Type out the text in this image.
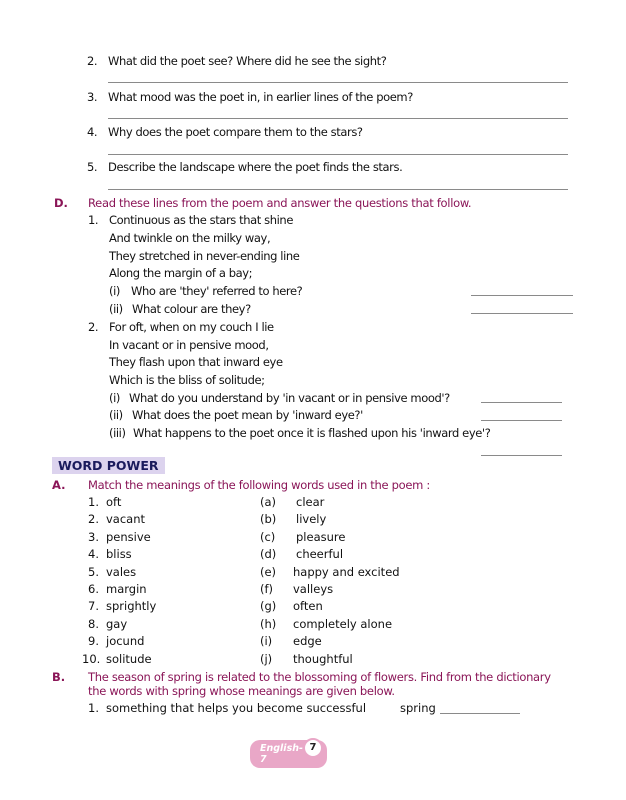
2. What did the poet see? Where did he see the sight?
3. What mood was the poet in, in earlier lines of the poem?
4. Why does the poet compare them to the stars?
5. Describe the landscape where the poet finds the stars.
D. Read these lines from the poem and answer the questions that follow.
1. Continuous as the stars that shine
And twinkle on the milky way,
They stretched in never-ending line
Along the margin of a bay;
(i) Who are 'they' referred to here?
(ii) What colour are they?
2. For oft, when on my couch I lie
In vacant or in pensive mood,
They flash upon that inward eye
Which is the bliss of solitude;
(i) What do you understand by 'in vacant or in pensive mood'?
(ii) What does the poet mean by 'inward eye?'
(iii) What happens to the poet once it is flashed upon his 'inward eye'?
WORD POWER
A. Match the meanings of the following words used in the poem :
1. oft	(a) clear
2. vacant	(b) lively
3. pensive	(c) pleasure
4. bliss	(d) cheerful
5. vales	(e) happy and excited
6. margin	(f) valleys
7. sprightly	(g) often
8. gay	(h) completely alone
9. jocund	(i) edge
10. solitude	(j) thoughtful
B. The season of spring is related to the blossoming of flowers. Find from the dictionary
the words with spring whose meanings are given below.
1. something that helps you become successful	spring
English-7
7
